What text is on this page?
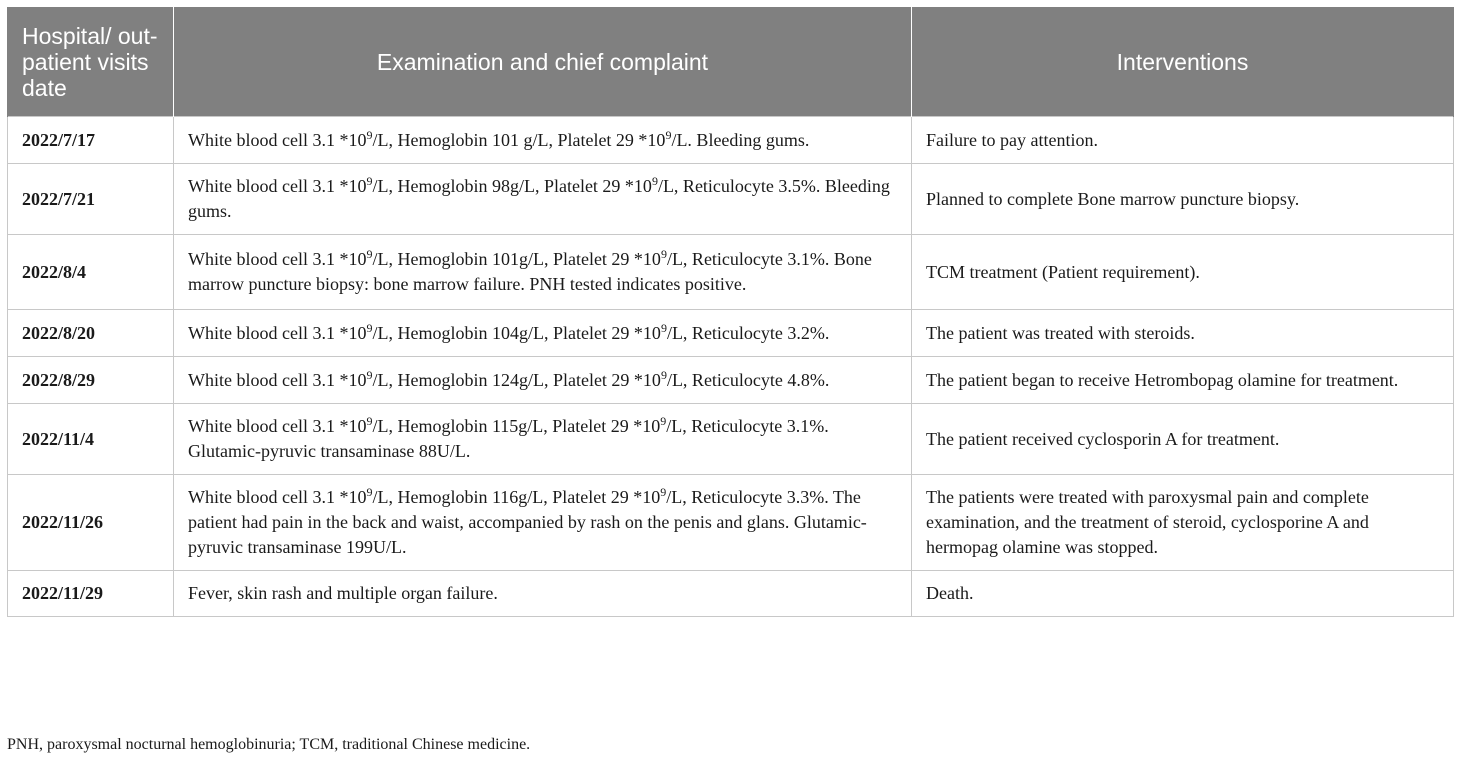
Hospital/ out-patient visits date	Examination and chief complaint	Interventions
2022/7/17	White blood cell 3.1 $*10^9/L$, Hemoglobin 101 g/L, Platelet 29 $*10^9/L$. Bleeding gums.	Failure to pay attention.
2022/7/21	White blood cell 3.1 $*10^9/L$, Hemoglobin 98g/L, Platelet 29 $*10^9/L$, Reticulocyte 3.5%. Bleeding gums.	Planned to complete Bone marrow puncture biopsy.
2022/8/4	White blood cell 3.1 $*10^9/L$, Hemoglobin 101g/L, Platelet 29 $*10^9/L$, Reticulocyte 3.1%. Bone marrow puncture biopsy: bone marrow failure. PNH tested indicates positive.	TCM treatment (Patient requirement).
2022/8/20	White blood cell 3.1 $*10^9/L$, Hemoglobin 104g/L, Platelet 29 $*10^9/L$, Reticulocyte 3.2%.	The patient was treated with steroids.
2022/8/29	White blood cell 3.1 $*10^9/L$, Hemoglobin 124g/L, Platelet 29 $*10^9/L$, Reticulocyte 4.8%.	The patient began to receive Hetrombopag olamine for treatment.
2022/11/4	White blood cell 3.1 $*10^9/L$, Hemoglobin 115g/L, Platelet 29 $*10^9/L$, Reticulocyte 3.1%. Glutamic-pyruvic transaminase 88U/L.	The patient received cyclosporin A for treatment.
2022/11/26	White blood cell 3.1 $*10^9/L$, Hemoglobin 116g/L, Platelet 29 $*10^9/L$, Reticulocyte 3.3%. The patient had pain in the back and waist, accompanied by rash on the penis and glans. Glutamic-pyruvic transaminase 199U/L.	The patients were treated with paroxysmal pain and complete examination, and the treatment of steroid, cyclosporine A and hermopag olamine was stopped.
2022/11/29	Fever, skin rash and multiple organ failure.	Death.
PNH, paroxysmal nocturnal hemoglobinuria; TCM, traditional Chinese medicine.
